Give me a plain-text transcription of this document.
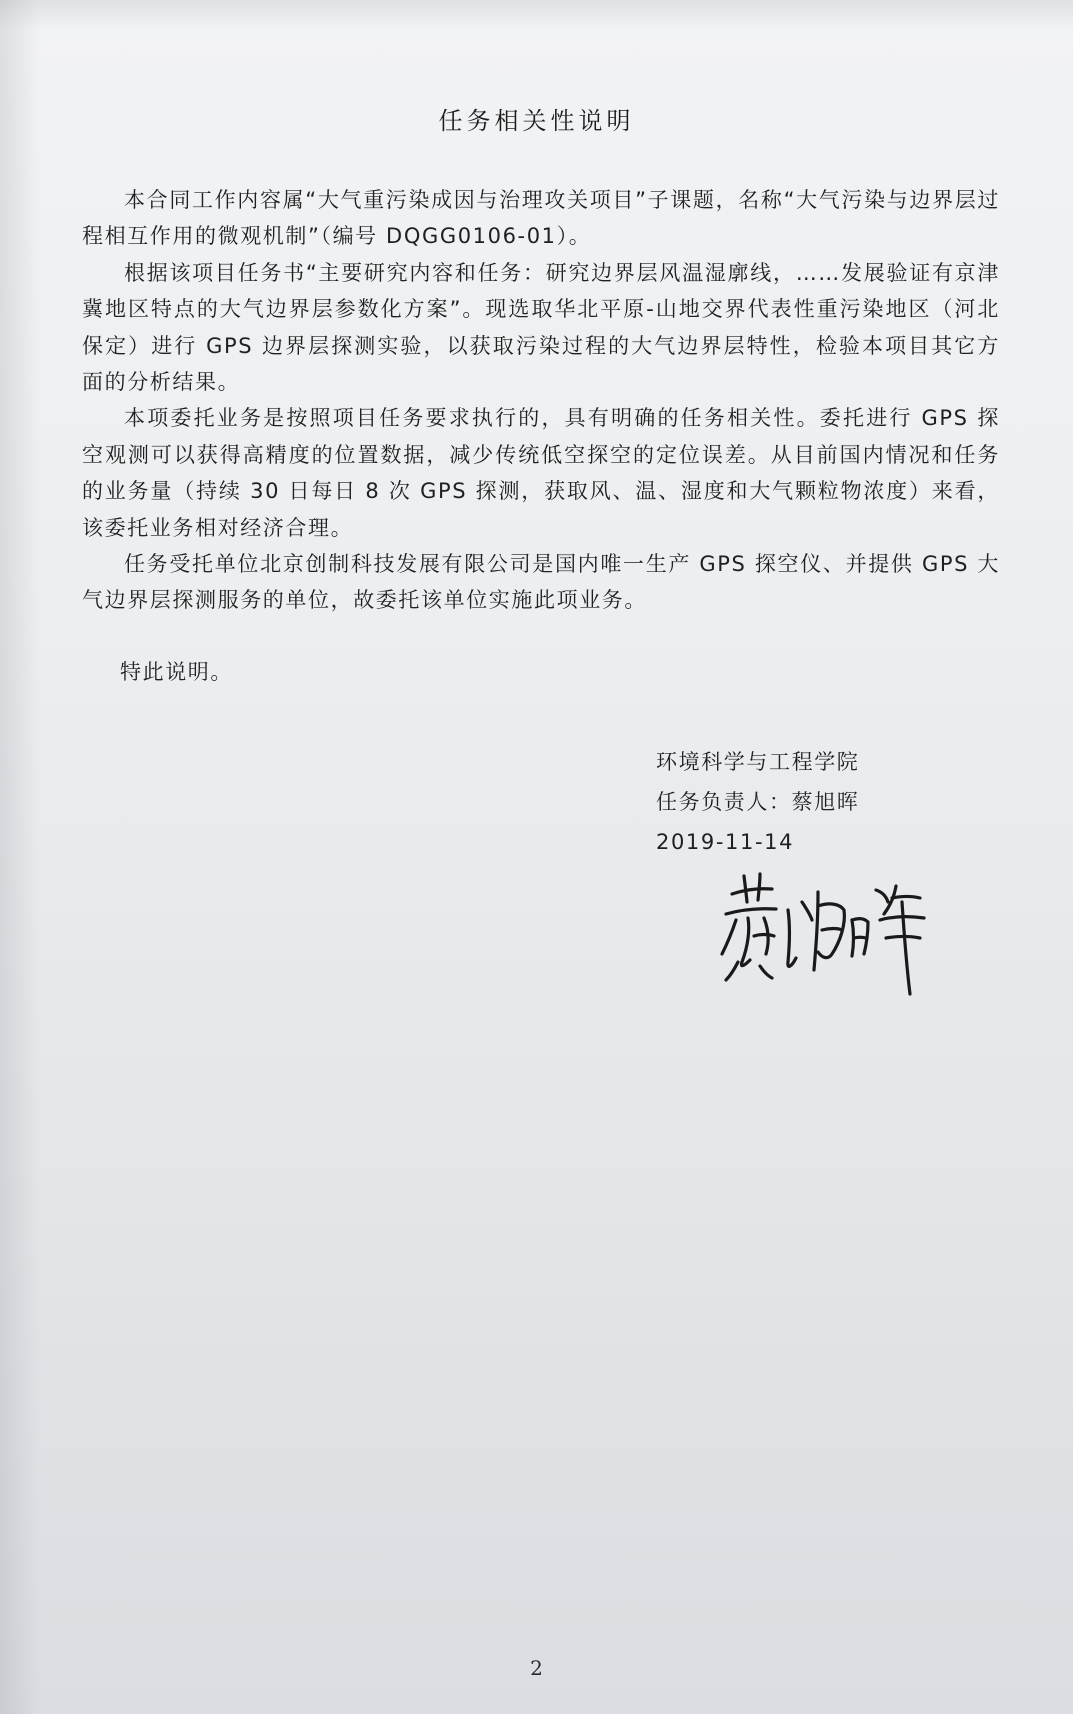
任务相关性说明

本合同工作内容属“大气重污染成因与治理攻关项目”子课题，名称“大气污染与边界层过程相互作用的微观机制”（编号 DQGG0106-01）。

根据该项目任务书“主要研究内容和任务：研究边界层风温湿廓线，……发展验证有京津冀地区特点的大气边界层参数化方案”。现选取华北平原-山地交界代表性重污染地区（河北保定）进行 GPS 边界层探测实验，以获取污染过程的大气边界层特性，检验本项目其它方面的分析结果。

本项委托业务是按照项目任务要求执行的，具有明确的任务相关性。委托进行 GPS 探空观测可以获得高精度的位置数据，减少传统低空探空的定位误差。从目前国内情况和任务的业务量（持续 30 日每日 8 次 GPS 探测，获取风、温、湿度和大气颗粒物浓度）来看，该委托业务相对经济合理。

任务受托单位北京创制科技发展有限公司是国内唯一生产 GPS 探空仪、并提供 GPS 大气边界层探测服务的单位，故委托该单位实施此项业务。

特此说明。
环境科学与工程学院
任务负责人：蔡旭晖
2019-11-14
2
